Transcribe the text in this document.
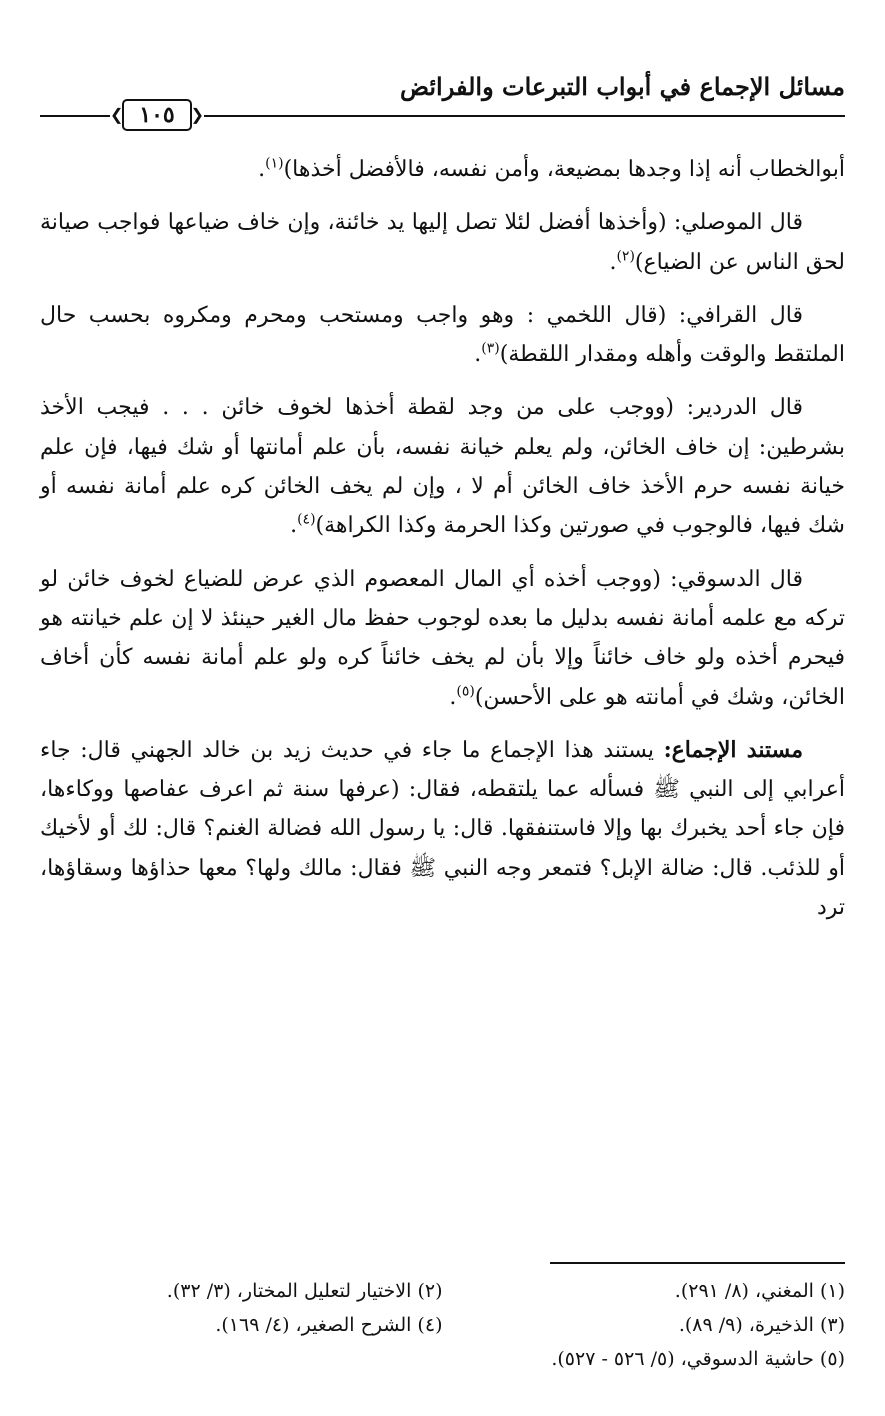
مسائل الإجماع في أبواب التبرعات والفرائض
❮ ١٠٥ ❯

أبوالخطاب أنه إذا وجدها بمضيعة، وأمن نفسه، فالأفضل أخذها)$^{(١)}$.

قال الموصلي: (وأخذها أفضل لئلا تصل إليها يد خائنة، وإن خاف ضياعها فواجب صيانة لحق الناس عن الضياع)$^{(٢)}$.

قال القرافي: (قال اللخمي : وهو واجب ومستحب ومحرم ومكروه بحسب حال الملتقط والوقت وأهله ومقدار اللقطة)$^{(٣)}$.

قال الدردير: (ووجب على من وجد لقطة أخذها لخوف خائن . . . فيجب الأخذ بشرطين: إن خاف الخائن، ولم يعلم خيانة نفسه، بأن علم أمانتها أو شك فيها، فإن علم خيانة نفسه حرم الأخذ خاف الخائن أم لا ، وإن لم يخف الخائن كره علم أمانة نفسه أو شك فيها، فالوجوب في صورتين وكذا الحرمة وكذا الكراهة)$^{(٤)}$.

قال الدسوقي: (ووجب أخذه أي المال المعصوم الذي عرض للضياع لخوف خائن لو تركه مع علمه أمانة نفسه بدليل ما بعده لوجوب حفظ مال الغير حينئذ لا إن علم خيانته هو فيحرم أخذه ولو خاف خائناً وإلا بأن لم يخف خائناً كره ولو علم أمانة نفسه كأن أخاف الخائن، وشك في أمانته هو على الأحسن)$^{(٥)}$.

مستند الإجماع: يستند هذا الإجماع ما جاء في حديث زيد بن خالد الجهني قال: جاء أعرابي إلى النبي ﷺ فسأله عما يلتقطه، فقال: (عرفها سنة ثم اعرف عفاصها ووكاءها، فإن جاء أحد يخبرك بها وإلا فاستنفقها. قال: يا رسول الله فضالة الغنم؟ قال: لك أو لأخيك أو للذئب. قال: ضالة الإبل؟ فتمعر وجه النبي ﷺ فقال: مالك ولها؟ معها حذاؤها وسقاؤها، ترد

(١) المغني، (٨/ ٢٩١).
(٢) الاختيار لتعليل المختار، (٣/ ٣٢).
(٣) الذخيرة، (٩/ ٨٩).
(٤) الشرح الصغير، (٤/ ١٦٩).
(٥) حاشية الدسوقي، (٥/ ٥٢٦ - ٥٢٧).
